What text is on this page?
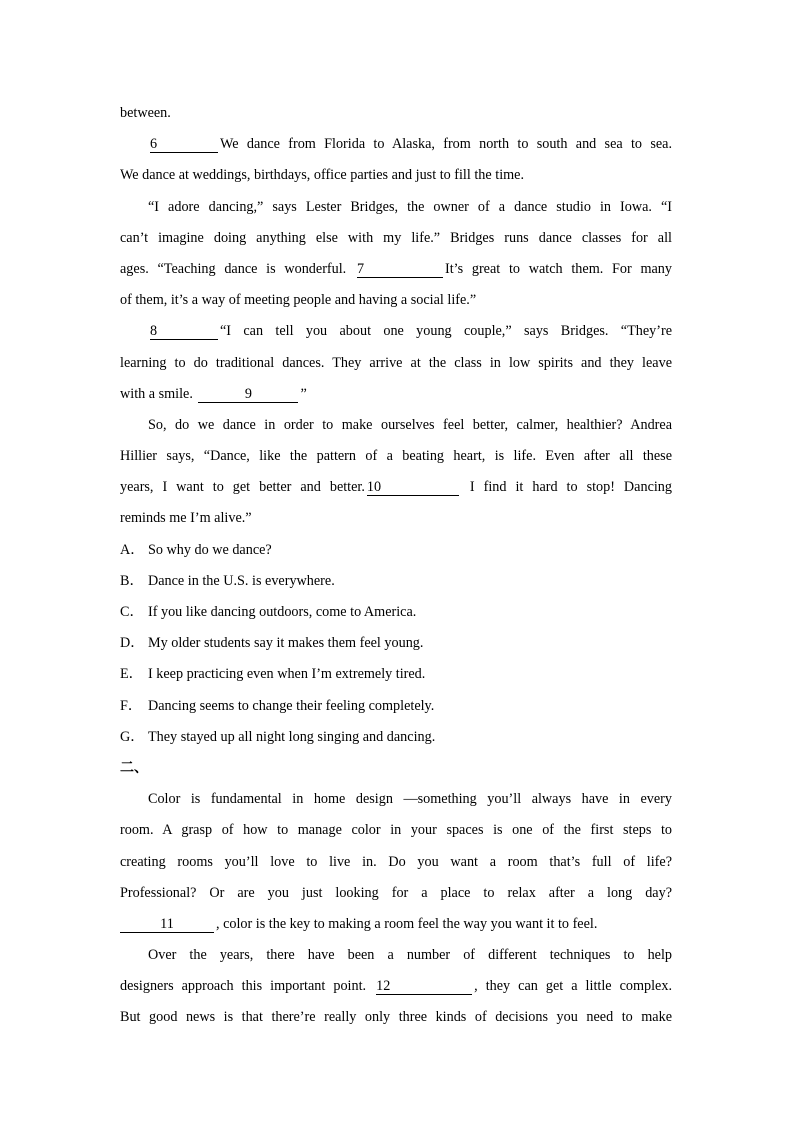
between.
6	We dance from Florida to Alaska, from north to south and sea to sea.
We dance at weddings, birthdays, office parties and just to fill the time.
“I adore dancing,” says Lester Bridges, the owner of a dance studio in Iowa. “I
can’t imagine doing anything else with my life.” Bridges runs dance classes for all
ages. “Teaching dance is wonderful. 7	It’s great to watch them. For many
of them, it’s a way of meeting people and having a social life.”
8	“I can tell you about one young couple,” says Bridges. “They’re
learning to do traditional dances. They arrive at the class in low spirits and they leave
with a smile.	9	”
So, do we dance in order to make ourselves feel better, calmer, healthier? Andrea
Hillier says, “Dance, like the pattern of a beating heart, is life. Even after all these
years, I want to get better and better. 10	I find it hard to stop! Dancing
reminds me I’m alive.”
A． So why do we dance?
B． Dance in the U.S. is everywhere.
C． If you like dancing outdoors, come to America.
D． My older students say it makes them feel young.
E． I keep practicing even when I’m extremely tired.
F． Dancing seems to change their feeling completely.
G． They stayed up all night long singing and dancing.
二、
Color is fundamental in home design —something you’ll always have in every
room. A grasp of how to manage color in your spaces is one of the first steps to
creating rooms you’ll love to live in. Do you want a room that’s full of life?
Professional? Or are you just looking for a place to relax after a long day?
11	, color is the key to making a room feel the way you want it to feel.
Over the years, there have been a number of different techniques to help
designers approach this important point. 12	, they can get a little complex.
But good news is that there’re really only three kinds of decisions you need to make
